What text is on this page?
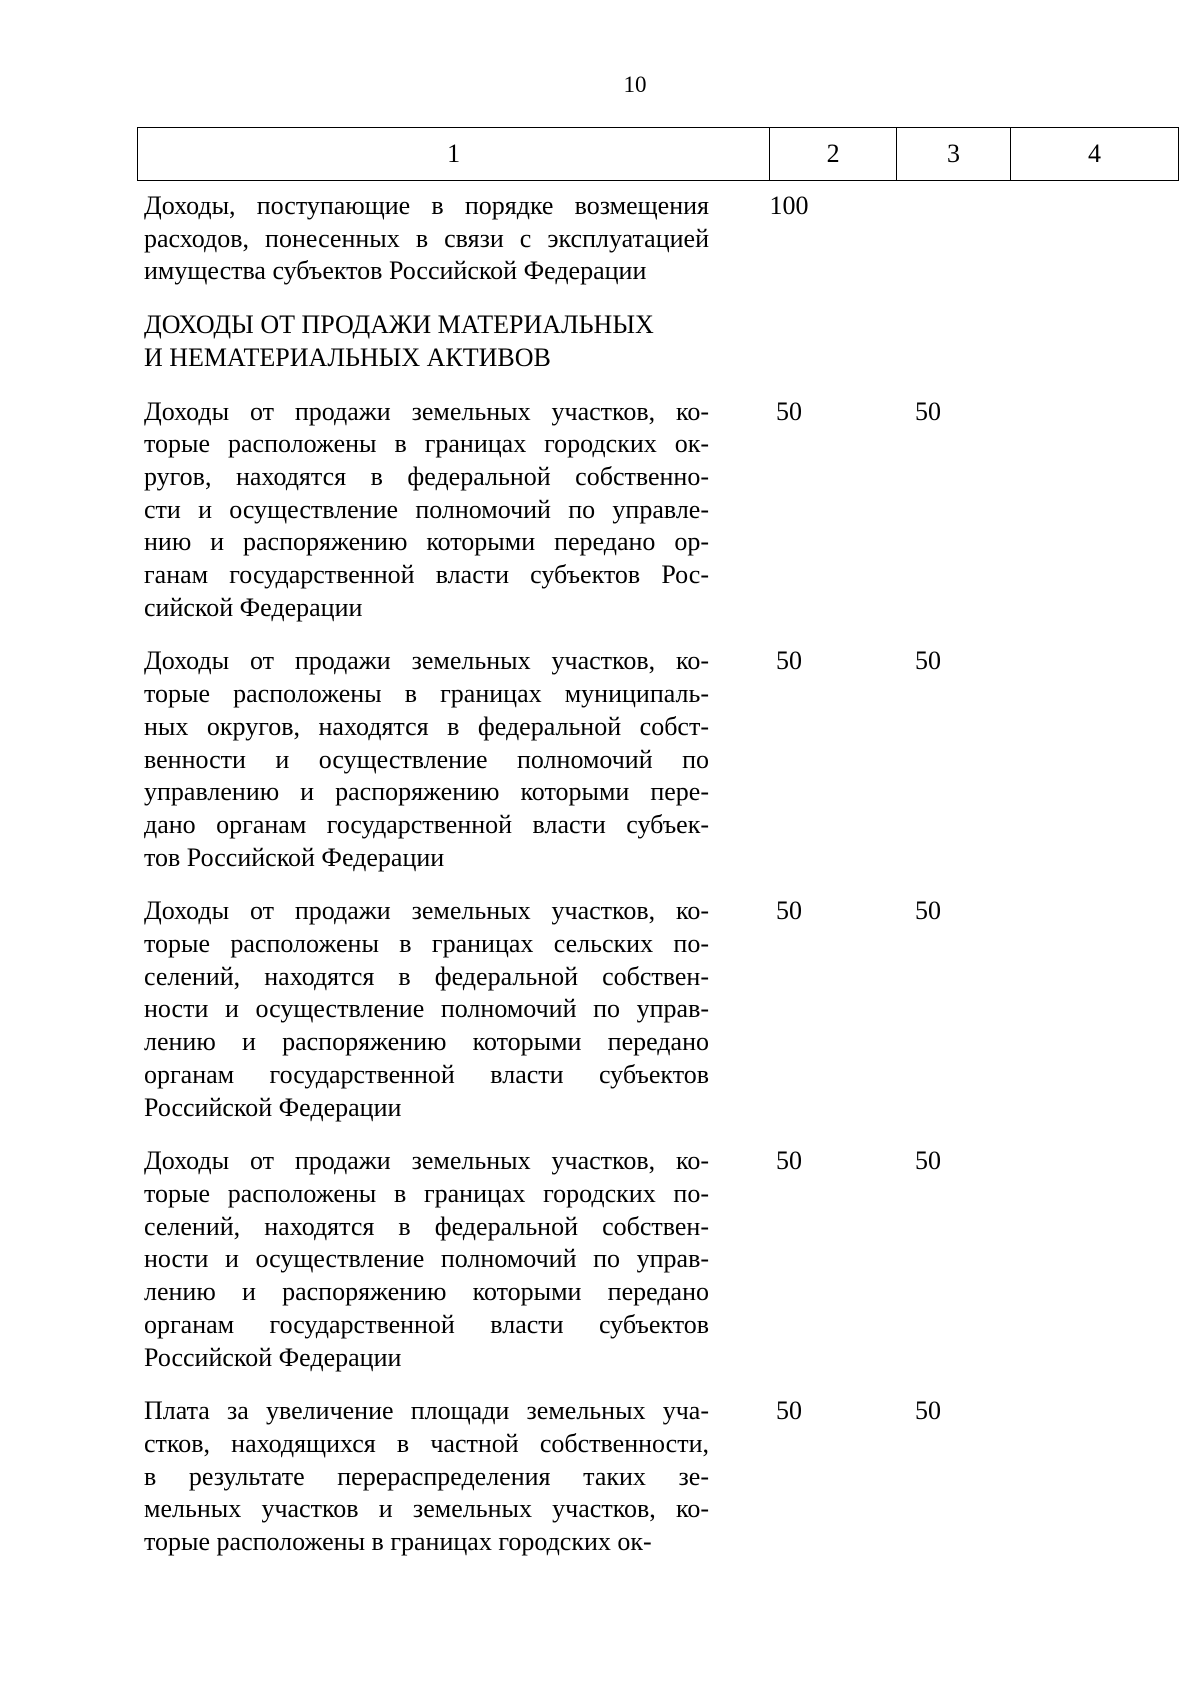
10
1	2	3	4
Доходы, поступающие в порядке возмещения
расходов, понесенных в связи с эксплуатацией
имущества субъектов Российской Федерации
100
ДОХОДЫ ОТ ПРОДАЖИ МАТЕРИАЛЬНЫХ
И НЕМАТЕРИАЛЬНЫХ АКТИВОВ
Доходы от продажи земельных участков, ко-
торые расположены в границах городских ок-
ругов, находятся в федеральной собственно-
сти и осуществление полномочий по управле-
нию и распоряжению которыми передано ор-
ганам государственной власти субъектов Рос-
сийской Федерации
50	50
Доходы от продажи земельных участков, ко-
торые расположены в границах муниципаль-
ных округов, находятся в федеральной собст-
венности и осуществление полномочий по
управлению и распоряжению которыми пере-
дано органам государственной власти субъек-
тов Российской Федерации
50	50
Доходы от продажи земельных участков, ко-
торые расположены в границах сельских по-
селений, находятся в федеральной собствен-
ности и осуществление полномочий по управ-
лению и распоряжению которыми передано
органам государственной власти субъектов
Российской Федерации
50	50
Доходы от продажи земельных участков, ко-
торые расположены в границах городских по-
селений, находятся в федеральной собствен-
ности и осуществление полномочий по управ-
лению и распоряжению которыми передано
органам государственной власти субъектов
Российской Федерации
50	50
Плата за увеличение площади земельных уча-
стков, находящихся в частной собственности,
в результате перераспределения таких зе-
мельных участков и земельных участков, ко-
торые расположены в границах городских ок-
50	50
